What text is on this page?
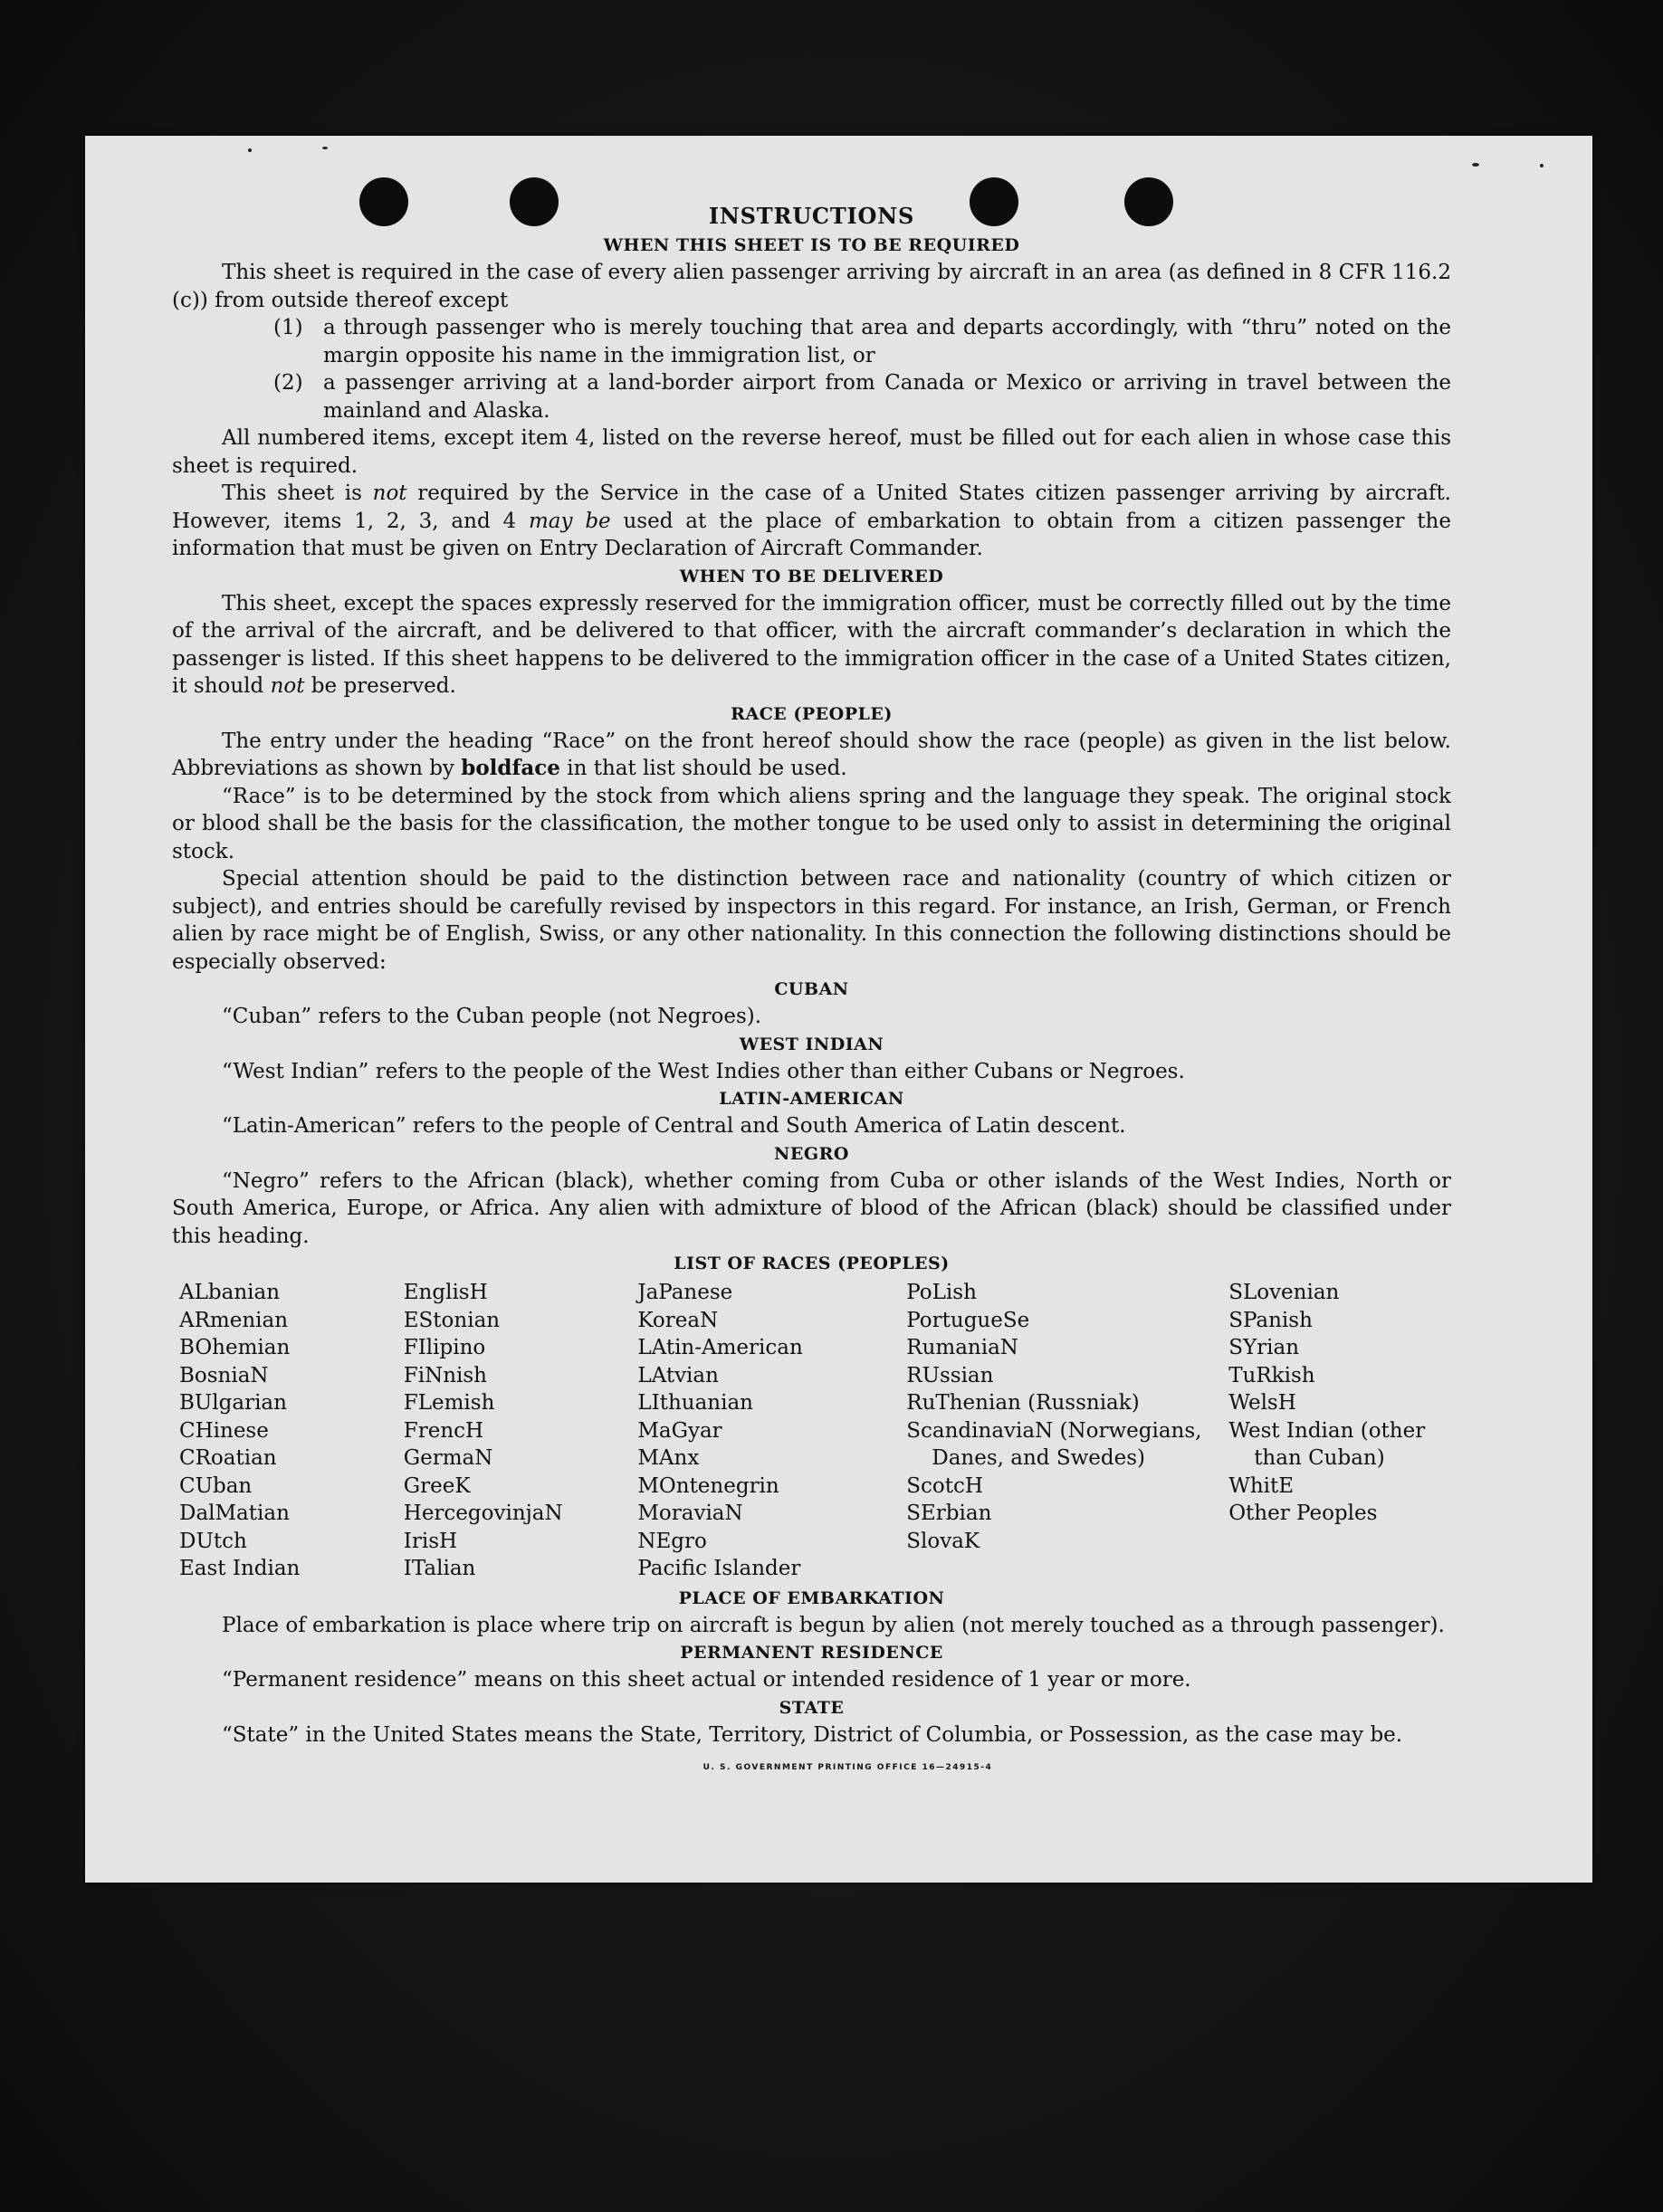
INSTRUCTIONS
WHEN THIS SHEET IS TO BE REQUIRED

This sheet is required in the case of every alien passenger arriving by aircraft in an area (as defined in 8 CFR 116.2 (c)) from outside thereof except

(1) a through passenger who is merely touching that area and departs accordingly, with “thru” noted on the margin opposite his name in the immigration list, or
(2) a passenger arriving at a land-border airport from Canada or Mexico or arriving in travel between the mainland and Alaska.

All numbered items, except item 4, listed on the reverse hereof, must be filled out for each alien in whose case this sheet is required.

This sheet is not required by the Service in the case of a United States citizen passenger arriving by aircraft. However, items 1, 2, 3, and 4 may be used at the place of embarkation to obtain from a citizen passenger the information that must be given on Entry Declaration of Aircraft Commander.

WHEN TO BE DELIVERED

This sheet, except the spaces expressly reserved for the immigration officer, must be correctly filled out by the time of the arrival of the aircraft, and be delivered to that officer, with the aircraft commander’s declaration in which the passenger is listed. If this sheet happens to be delivered to the immigration officer in the case of a United States citizen, it should not be preserved.

RACE (PEOPLE)

The entry under the heading “Race” on the front hereof should show the race (people) as given in the list below. Abbreviations as shown by boldface in that list should be used.

“Race” is to be determined by the stock from which aliens spring and the language they speak. The original stock or blood shall be the basis for the classification, the mother tongue to be used only to assist in determining the original stock.

Special attention should be paid to the distinction between race and nationality (country of which citizen or subject), and entries should be carefully revised by inspectors in this regard. For instance, an Irish, German, or French alien by race might be of English, Swiss, or any other nationality. In this connection the following distinctions should be especially observed:

CUBAN

“Cuban” refers to the Cuban people (not Negroes).

WEST INDIAN

“West Indian” refers to the people of the West Indies other than either Cubans or Negroes.

LATIN-AMERICAN

“Latin-American” refers to the people of Central and South America of Latin descent.

NEGRO

“Negro” refers to the African (black), whether coming from Cuba or other islands of the West Indies, North or South America, Europe, or Africa. Any alien with admixture of blood of the African (black) should be classified under this heading.

LIST OF RACES (PEOPLES)
ALbanian
ARmenian
BOhemian
BosniaN
BUlgarian
CHinese
CRoatian
CUban
DalMatian
DUtch
East Indian
EnglisH
EStonian
FIlipino
FiNnish
FLemish
FrencH
GermaN
GreeK
HercegovinjaN
IrisH
ITalian
JaPanese
KoreaN
LAtin-American
LAtvian
LIthuanian
MaGyar
MAnx
MOntenegrin
MoraviaN
NEgro
Pacific Islander
PoLish
PortugueSe
RumaniaN
RUssian
RuThenian (Russniak)
ScandinaviaN (Norwegians, Danes, and Swedes)
ScotcH
SErbian
SlovaK
SLovenian
SPanish
SYrian
TuRkish
WelsH
West Indian (other than Cuban)
WhitE
Other Peoples
PLACE OF EMBARKATION

Place of embarkation is place where trip on aircraft is begun by alien (not merely touched as a through passenger).

PERMANENT RESIDENCE

“Permanent residence” means on this sheet actual or intended residence of 1 year or more.

STATE

“State” in the United States means the State, Territory, District of Columbia, or Possession, as the case may be.

U. S. GOVERNMENT PRINTING OFFICE 16—24915-4
